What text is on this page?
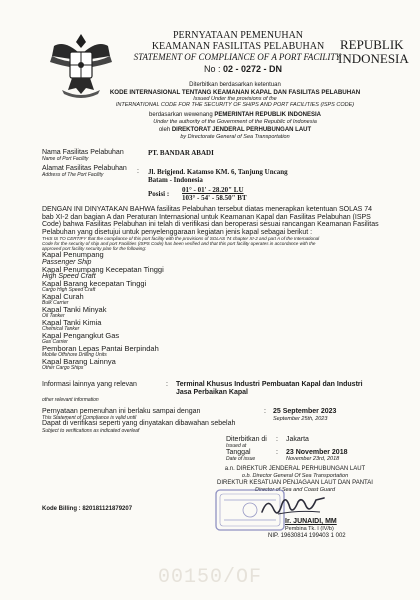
PERNYATAAN PEMENUHAN
KEAMANAN FASILITAS PELABUHAN
STATEMENT OF COMPLIANCE OF A PORT FACILITY
No : 02 - 0272 - DN
REPUBLIK
INDONESIA
Diterbitkan berdasarkan ketentuan
KODE INTERNASIONAL TENTANG KEAMANAN KAPAL DAN FASILITAS PELABUHAN
Issued Under the provisions of the
INTERNATIONAL CODE FOR THE SECURITY OF SHIPS AND PORT FACILITIES (ISPS CODE)
berdasarkan wewenang PEMERINTAH REPUBLIK INDONESIA
Under the authority of the Government of the Republic of Indonesia
oleh DIREKTORAT JENDERAL PERHUBUNGAN LAUT
by Directorate General of Sea Transportation
Nama Fasilitas Pelabuhan
Name of Port Facility
PT. BANDAR ABADI
Alamat Fasilitas Pelabuhan
Address of The Port Facility	: Jl. Brigjend. Katamso KM. 6, Tanjung Uncang
Batam - Indonesia
Posisi : 01° - 01' - 28.20" LU
103° - 54' - 58.50" BT
DENGAN INI DINYATAKAN BAHWA fasilitas Pelabuhan tersebut diatas menerapkan ketentuan SOLAS 74
bab XI-2 dan bagian A dan Peraturan Internasional untuk Keamanan Kapal dan Fasilitas Pelabuhan (ISPS
Code) bahwa Fasilitas Pelabuhan ini telah di verifikasi dan beroperasi sesuai rancangan Keamanan Fasilitas
Pelabuhan yang disetujui untuk penyelenggaraan kegiatan jenis kapal sebagai berikut :
THIS IS TO CERTIFY that the compliance of this port facility with the provisions of SOLAS 74 chapter XI-2 and part A of the International
Code for the security of ship and port Facilities (ISPS Code) has been verified and that this port facility operates in accordance with the
approved port facility security plan for the following:
Kapal Penumpang
Passenger Ship
Kapal Penumpang Kecepatan Tinggi
High Speed Craft
Kapal Barang kecepatan Tinggi
Cargo High Speed Craft
Kapal Curah
Bulk Carrier
Kapal Tanki Minyak
Oil Tanker
Kapal Tanki Kimia
Chemical Tanker
Kapal Pengangkut Gas
Gas Carrier
Pemboran Lepas Pantai Berpindah
Mobile Offshore Drilling Units
Kapal Barang Lainnya
Other Cargo Ships
Informasi lainnya yang relevan
other relevant information
: Terminal Khusus Industri Pembuatan Kapal dan Industri
Jasa Perbaikan Kapal
Pernyataan pemenuhan ini berlaku sampai dengan
This Statement of Compliance is valid until
: 25 September 2023
September 25th, 2023
Dapat di verifikasi seperti yang dinyatakan dibawahan sebelah
Subject to verifications as indicated overleaf
Diterbitkan di
Issued at
: Jakarta
Tanggal
Date of issue
: 23 November 2018
November 23rd, 2018
a.n. DIREKTUR JENDERAL PERHUBUNGAN LAUT
o.b. Director General Of Sea Transportation
DIREKTUR KESATUAN PENJAGAAN LAUT DAN PANTAI
Director of Sea and Coast Guard
Ir. JUNAIDI, MM
Pembina Tk. I (IV/b)
NIP. 19630814 199403 1 002
Kode Billing : 820181121879207
00150/OF
